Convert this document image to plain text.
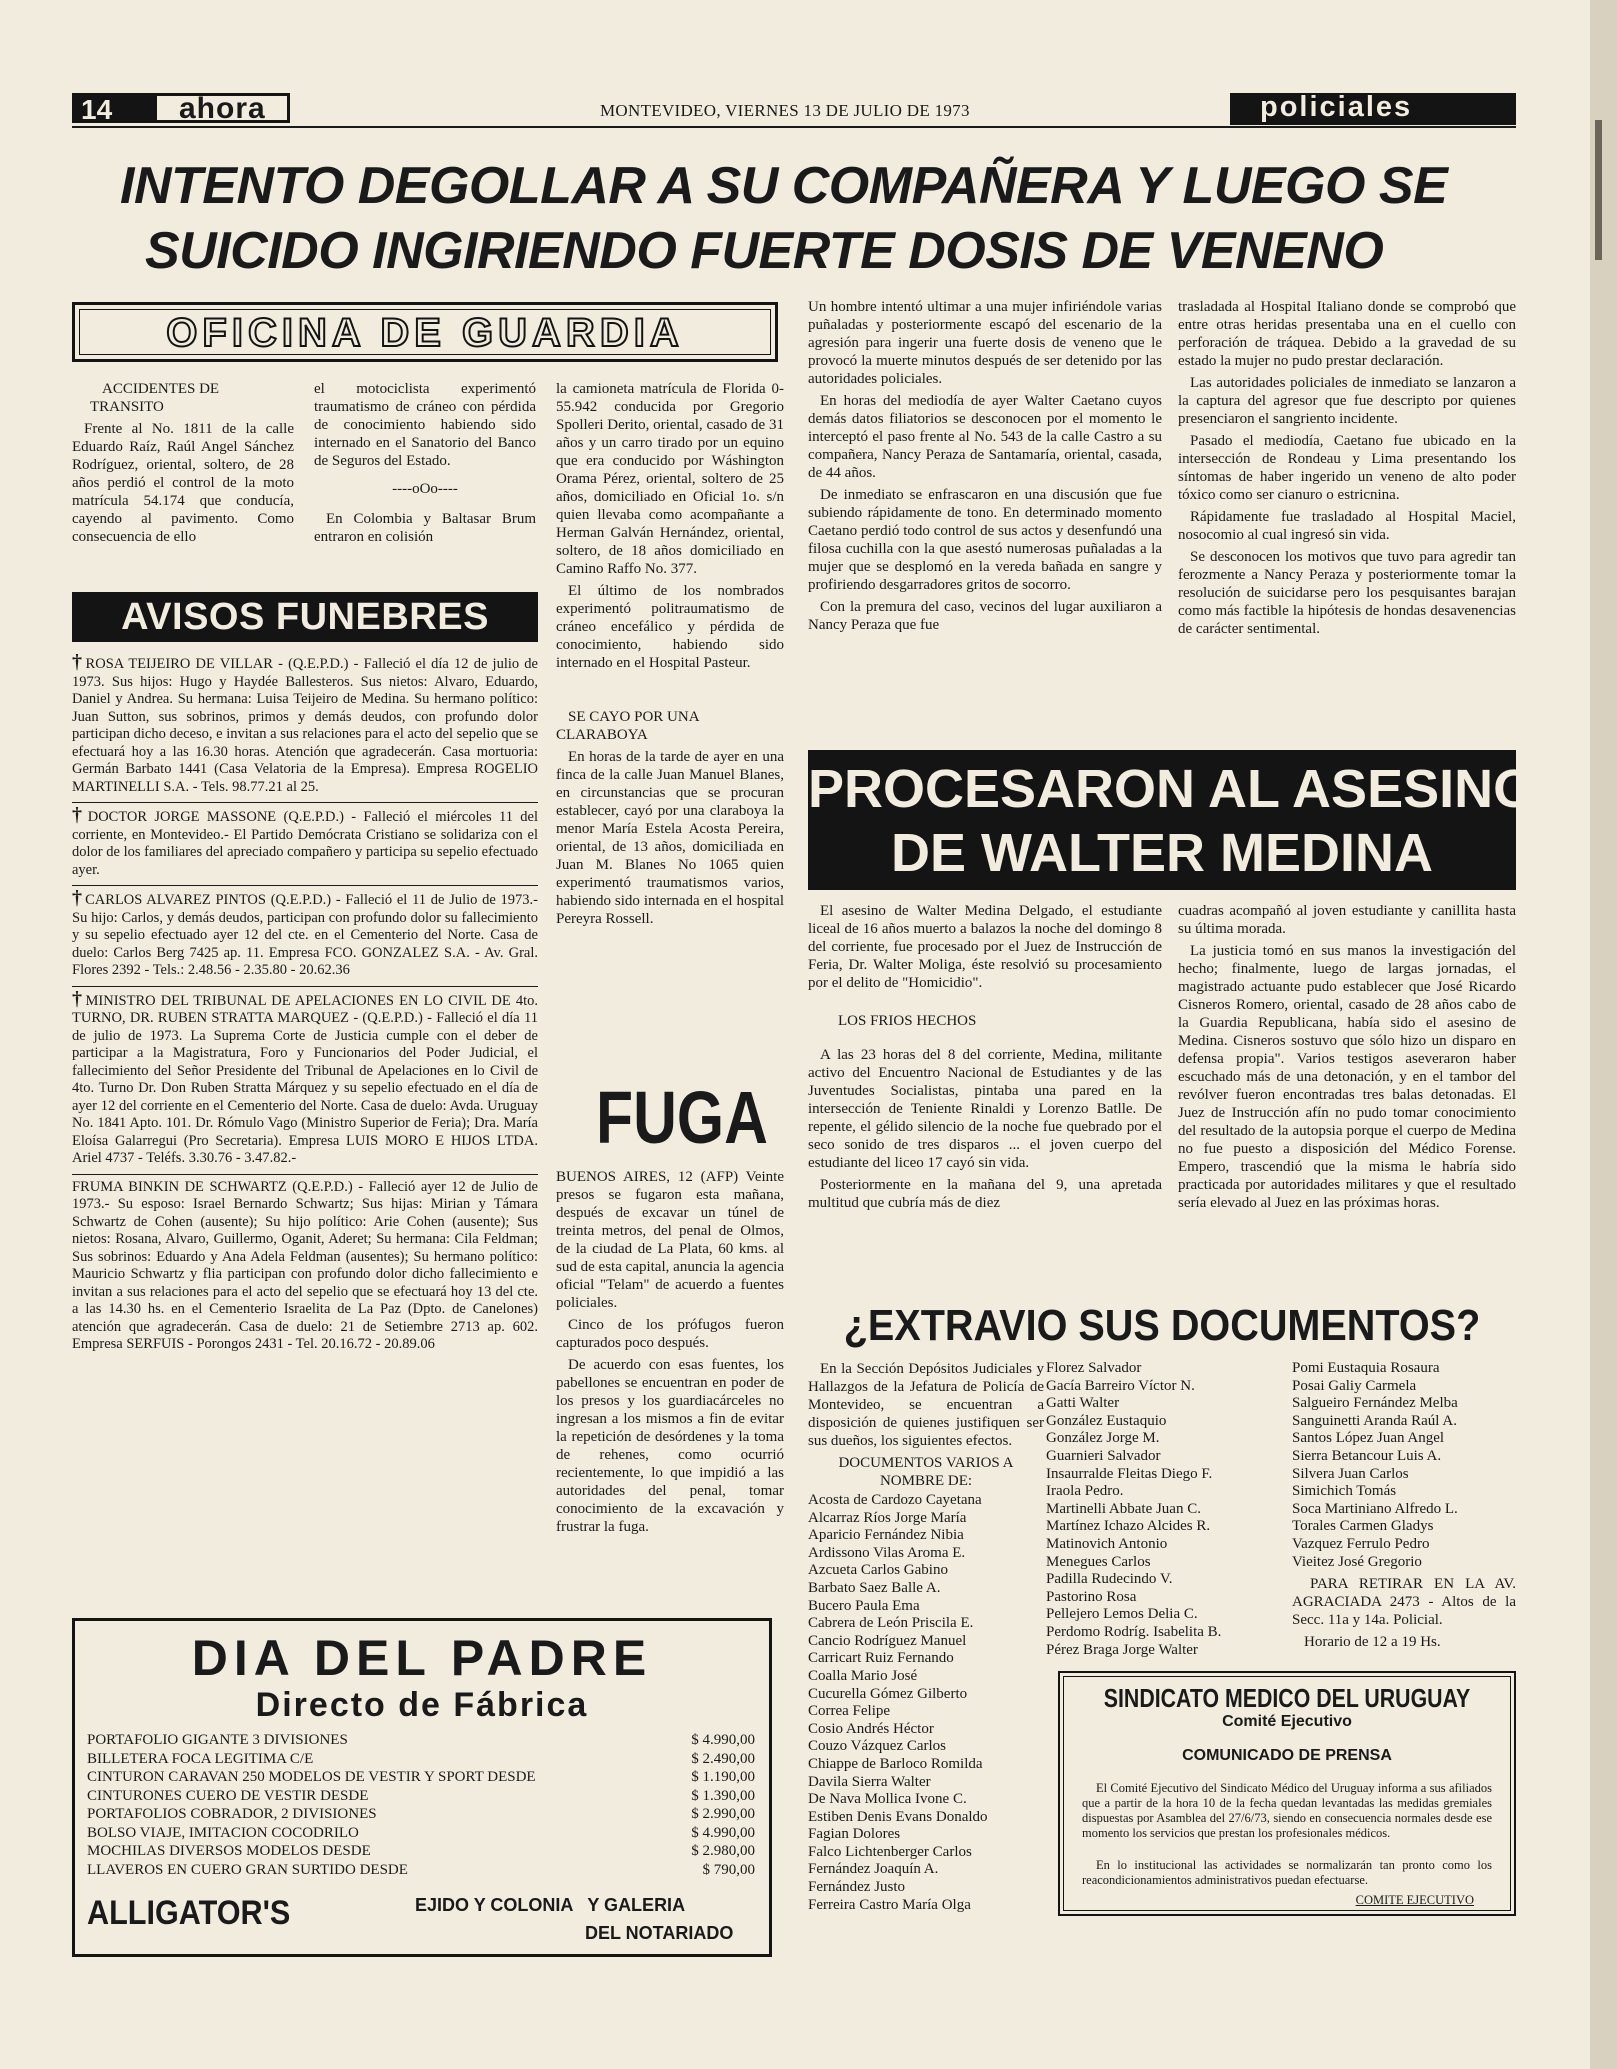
14 ahora	MONTEVIDEO, VIERNES 13 DE JULIO DE 1973	policiales
INTENTO DEGOLLAR A SU COMPAÑERA Y LUEGO SE
SUICIDO INGIRIENDO FUERTE DOSIS DE VENENO
OFICINA DE GUARDIA

ACCIDENTES DE TRANSITO

Frente al No. 1811 de la calle Eduardo Raíz, Raúl Angel Sánchez Rodríguez, oriental, soltero, de 28 años perdió el control de la moto matrícula 54.174 que conducía, cayendo al pavimento. Como consecuencia de ello

el motociclista experimentó traumatismo de cráneo con pérdida de conocimiento habiendo sido internado en el Sanatorio del Banco de Seguros del Estado.

----oOo----

En Colombia y Baltasar Brum entraron en colisión

la camioneta matrícula de Florida 0-55.942 conducida por Gregorio Spolleri Derito, oriental, casado de 31 años y un carro tirado por un equino que era conducido por Wáshington Orama Pérez, oriental, soltero de 25 años, domiciliado en Oficial 1o. s/n quien llevaba como acompañante a Herman Galván Hernández, oriental, soltero, de 18 años domiciliado en Camino Raffo No. 377.

El último de los nombrados experimentó politraumatismo de cráneo encefálico y pérdida de conocimiento, habiendo sido internado en el Hospital Pasteur.

SE CAYO POR UNA CLARABOYA

En horas de la tarde de ayer en una finca de la calle Juan Manuel Blanes, en circunstancias que se procuran establecer, cayó por una claraboya la menor María Estela Acosta Pereira, oriental, de 13 años, domiciliada en Juan M. Blanes No 1065 quien experimentó traumatismos varios, habiendo sido internada en el hospital Pereyra Rossell.

AVISOS FUNEBRES
† ROSA TEIJEIRO DE VILLAR - (Q.E.P.D.) - Falleció el día 12 de julio de 1973. Sus hijos: Hugo y Haydée Ballesteros. Sus nietos: Alvaro, Eduardo, Daniel y Andrea. Su hermana: Luisa Teijeiro de Medina. Su hermano político: Juan Sutton, sus sobrinos, primos y demás deudos, con profundo dolor participan dicho deceso, e invitan a sus relaciones para el acto del sepelio que se efectuará hoy a las 16.30 horas. Atención que agradecerán. Casa mortuoria: Germán Barbato 1441 (Casa Velatoria de la Empresa). Empresa ROGELIO MARTINELLI S.A. - Tels. 98.77.21 al 25.
† DOCTOR JORGE MASSONE (Q.E.P.D.) - Falleció el miércoles 11 del corriente, en Montevideo.- El Partido Demócrata Cristiano se solidariza con el dolor de los familiares del apreciado compañero y participa su sepelio efectuado ayer.
† CARLOS ALVAREZ PINTOS (Q.E.P.D.) - Falleció el 11 de Julio de 1973.- Su hijo: Carlos, y demás deudos, participan con profundo dolor su fallecimiento y su sepelio efectuado ayer 12 del cte. en el Cementerio del Norte. Casa de duelo: Carlos Berg 7425 ap. 11. Empresa FCO. GONZALEZ S.A. - Av. Gral. Flores 2392 - Tels.: 2.48.56 - 2.35.80 - 20.62.36
† MINISTRO DEL TRIBUNAL DE APELACIONES EN LO CIVIL DE 4to. TURNO, DR. RUBEN STRATTA MARQUEZ - (Q.E.P.D.) - Falleció el día 11 de julio de 1973. La Suprema Corte de Justicia cumple con el deber de participar a la Magistratura, Foro y Funcionarios del Poder Judicial, el fallecimiento del Señor Presidente del Tribunal de Apelaciones en lo Civil de 4to. Turno Dr. Don Ruben Stratta Márquez y su sepelio efectuado en el día de ayer 12 del corriente en el Cementerio del Norte. Casa de duelo: Avda. Uruguay No. 1841 Apto. 101. Dr. Rómulo Vago (Ministro Superior de Feria); Dra. María Eloísa Galarregui (Pro Secretaria). Empresa LUIS MORO E HIJOS LTDA. Ariel 4737 - Teléfs. 3.30.76 - 3.47.82.-
FRUMA BINKIN DE SCHWARTZ (Q.E.P.D.) - Falleció ayer 12 de Julio de 1973.- Su esposo: Israel Bernardo Schwartz; Sus hijas: Mirian y Támara Schwartz de Cohen (ausente); Su hijo político: Arie Cohen (ausente); Sus nietos: Rosana, Alvaro, Guillermo, Oganit, Aderet; Su hermana: Cila Feldman; Sus sobrinos: Eduardo y Ana Adela Feldman (ausentes); Su hermano político: Mauricio Schwartz y flia participan con profundo dolor dicho fallecimiento e invitan a sus relaciones para el acto del sepelio que se efectuará hoy 13 del cte. a las 14.30 hs. en el Cementerio Israelita de La Paz (Dpto. de Canelones) atención que agradecerán. Casa de duelo: 21 de Setiembre 2713 ap. 602. Empresa SERFUIS - Porongos 2431 - Tel. 20.16.72 - 20.89.06
FUGA

BUENOS AIRES, 12 (AFP) Veinte presos se fugaron esta mañana, después de excavar un túnel de treinta metros, del penal de Olmos, de la ciudad de La Plata, 60 kms. al sud de esta capital, anuncia la agencia oficial "Telam" de acuerdo a fuentes policiales.

Cinco de los prófugos fueron capturados poco después.

De acuerdo con esas fuentes, los pabellones se encuentran en poder de los presos y los guardiacárceles no ingresan a los mismos a fin de evitar la repetición de desórdenes y la toma de rehenes, como ocurrió recientemente, lo que impidió a las autoridades del penal, tomar conocimiento de la excavación y frustrar la fuga.

Un hombre intentó ultimar a una mujer infiriéndole varias puñaladas y posteriormente escapó del escenario de la agresión para ingerir una fuerte dosis de veneno que le provocó la muerte minutos después de ser detenido por las autoridades policiales.

En horas del mediodía de ayer Walter Caetano cuyos demás datos filiatorios se desconocen por el momento le interceptó el paso frente al No. 543 de la calle Castro a su compañera, Nancy Peraza de Santamaría, oriental, casada, de 44 años.

De inmediato se enfrascaron en una discusión que fue subiendo rápidamente de tono. En determinado momento Caetano perdió todo control de sus actos y desenfundó una filosa cuchilla con la que asestó numerosas puñaladas a la mujer que se desplomó en la vereda bañada en sangre y profiriendo desgarradores gritos de socorro.

Con la premura del caso, vecinos del lugar auxiliaron a Nancy Peraza que fue

trasladada al Hospital Italiano donde se comprobó que entre otras heridas presentaba una en el cuello con perforación de tráquea. Debido a la gravedad de su estado la mujer no pudo prestar declaración.

Las autoridades policiales de inmediato se lanzaron a la captura del agresor que fue descripto por quienes presenciaron el sangriento incidente.

Pasado el mediodía, Caetano fue ubicado en la intersección de Rondeau y Lima presentando los síntomas de haber ingerido un veneno de alto poder tóxico como ser cianuro o estricnina.

Rápidamente fue trasladado al Hospital Maciel, nosocomio al cual ingresó sin vida.

Se desconocen los motivos que tuvo para agredir tan ferozmente a Nancy Peraza y posteriormente tomar la resolución de suicidarse pero los pesquisantes barajan como más factible la hipótesis de hondas desavenencias de carácter sentimental.

PROCESARON AL ASESINO
DE WALTER MEDINA

El asesino de Walter Medina Delgado, el estudiante liceal de 16 años muerto a balazos la noche del domingo 8 del corriente, fue procesado por el Juez de Instrucción de Feria, Dr. Walter Moliga, éste resolvió su procesamiento por el delito de "Homicidio".

LOS FRIOS HECHOS

A las 23 horas del 8 del corriente, Medina, militante activo del Encuentro Nacional de Estudiantes y de las Juventudes Socialistas, pintaba una pared en la intersección de Teniente Rinaldi y Lorenzo Batlle. De repente, el gélido silencio de la noche fue quebrado por el seco sonido de tres disparos ... el joven cuerpo del estudiante del liceo 17 cayó sin vida.

Posteriormente en la mañana del 9, una apretada multitud que cubría más de diez

cuadras acompañó al joven estudiante y canillita hasta su última morada.

La justicia tomó en sus manos la investigación del hecho; finalmente, luego de largas jornadas, el magistrado actuante pudo establecer que José Ricardo Cisneros Romero, oriental, casado de 28 años cabo de la Guardia Republicana, había sido el asesino de Medina. Cisneros sostuvo que sólo hizo un disparo en defensa propia". Varios testigos aseveraron haber escuchado más de una detonación, y en el tambor del revólver fueron encontradas tres balas detonadas. El Juez de Instrucción afín no pudo tomar conocimiento del resultado de la autopsia porque el cuerpo de Medina no fue puesto a disposición del Médico Forense. Empero, trascendió que la misma le habría sido practicada por autoridades militares y que el resultado sería elevado al Juez en las próximas horas.

¿EXTRAVIO SUS DOCUMENTOS?

En la Sección Depósitos Judiciales y Hallazgos de la Jefatura de Policía de Montevideo, se encuentran a disposición de quienes justifiquen ser sus dueños, los siguientes efectos.

DOCUMENTOS VARIOS A NOMBRE DE:

Acosta de Cardozo Cayetana
Alcarraz Ríos Jorge María
Aparicio Fernández Nibia
Ardissono Vilas Aroma E.
Azcueta Carlos Gabino
Barbato Saez Balle A.
Bucero Paula Ema
Cabrera de León Priscila E.
Cancio Rodríguez Manuel
Carricart Ruiz Fernando
Coalla Mario José
Cucurella Gómez Gilberto
Correa Felipe
Cosio Andrés Héctor
Couzo Vázquez Carlos
Chiappe de Barloco Romilda
Davila Sierra Walter
De Nava Mollica Ivone C.
Estiben Denis Evans Donaldo
Fagian Dolores
Falco Lichtenberger Carlos
Fernández Joaquín A.
Fernández Justo
Ferreira Castro María Olga
Florez Salvador
Gacía Barreiro Víctor N.
Gatti Walter
González Eustaquio
González Jorge M.
Guarnieri Salvador
Insaurralde Fleitas Diego F.
Iraola Pedro.
Martinelli Abbate Juan C.
Martínez Ichazo Alcides R.
Matinovich Antonio
Menegues Carlos
Padilla Rudecindo V.
Pastorino Rosa
Pellejero Lemos Delia C.
Perdomo Rodríg. Isabelita B.
Pérez Braga Jorge Walter
Pomi Eustaquia Rosaura
Posai Galiy Carmela
Salgueiro Fernández Melba
Sanguinetti Aranda Raúl A.
Santos López Juan Angel
Sierra Betancour Luis A.
Silvera Juan Carlos
Simichich Tomás
Soca Martiniano Alfredo L.
Torales Carmen Gladys
Vazquez Ferrulo Pedro
Vieitez José Gregorio

PARA RETIRAR EN LA AV. AGRACIADA 2473 - Altos de la Secc. 11a y 14a. Policial.

Horario de 12 a 19 Hs.

SINDICATO MEDICO DEL URUGUAY
Comité Ejecutivo
COMUNICADO DE PRENSA
El Comité Ejecutivo del Sindicato Médico del Uruguay informa a sus afiliados que a partir de la hora 10 de la fecha quedan levantadas las medidas gremiales dispuestas por Asamblea del 27/6/73, siendo en consecuencia normales desde ese momento los servicios que prestan los profesionales médicos.
En lo institucional las actividades se normalizarán tan pronto como los reacondicionamientos administrativos puedan efectuarse.
COMITE EJECUTIVO
DIA DEL PADRE
Directo de Fábrica
PORTAFOLIO GIGANTE 3 DIVISIONES	$ 4.990,00
BILLETERA FOCA LEGITIMA C/E	$ 2.490,00
CINTURON CARAVAN 250 MODELOS DE VESTIR Y SPORT DESDE	$ 1.190,00
CINTURONES CUERO DE VESTIR DESDE	$ 1.390,00
PORTAFOLIOS COBRADOR, 2 DIVISIONES	$ 2.990,00
BOLSO VIAJE, IMITACION COCODRILO	$ 4.990,00
MOCHILAS DIVERSOS MODELOS DESDE	$ 2.980,00
LLAVEROS EN CUERO GRAN SURTIDO DESDE	$ 790,00
ALLIGATOR'S	EJIDO Y COLONIA   Y GALERIA
DEL NOTARIADO
